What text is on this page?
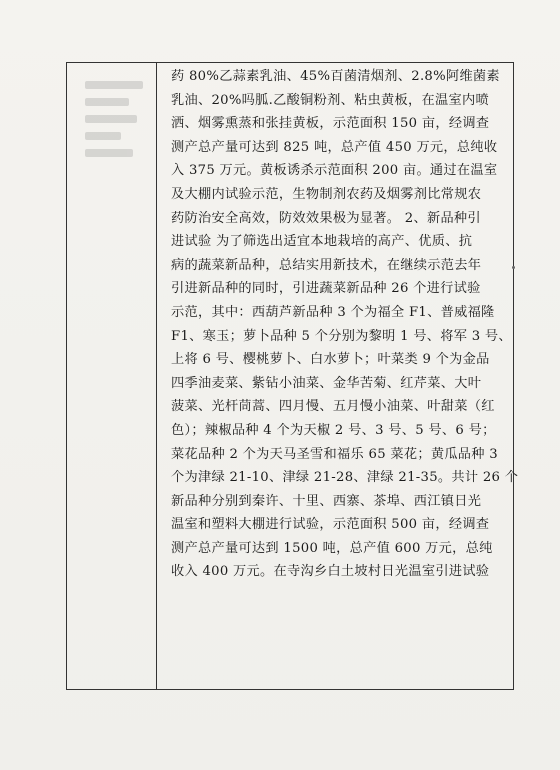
药 80%乙蒜素乳油、45%百菌清烟剂、2.8%阿维菌素
乳油、20%吗胍.乙酸铜粉剂、粘虫黄板，在温室内喷
洒、烟雾熏蒸和张挂黄板，示范面积 150 亩，经调查
测产总产量可达到 825 吨，总产值 450 万元，总纯收
入 375 万元。黄板诱杀示范面积 200 亩。通过在温室
及大棚内试验示范，生物制剂农药及烟雾剂比常规农
药防治安全高效，防效效果极为显著。 2、新品种引
进试验 为了筛选出适宜本地栽培的高产、优质、抗
病的蔬菜新品种，总结实用新技术，在继续示范去年
引进新品种的同时，引进蔬菜新品种 26 个进行试验
示范，其中：西葫芦新品种 3 个为福全 F1、普威福隆
F1、寒玉；萝卜品种 5 个分别为黎明 1 号、将军 3 号、
上将 6 号、樱桃萝卜、白水萝卜；叶菜类 9 个为金品
四季油麦菜、紫钻小油菜、金华苦菊、红芹菜、大叶
菠菜、光杆茼蒿、四月慢、五月慢小油菜、叶甜菜（红
色）；辣椒品种 4 个为天椒 2 号、3 号、5 号、6 号；
菜花品种 2 个为天马圣雪和福乐 65 菜花；黄瓜品种 3
个为津绿 21-10、津绿 21-28、津绿 21-35。共计 26 个
新品种分别到秦许、十里、西寨、茶埠、西江镇日光
温室和塑料大棚进行试验，示范面积 500 亩，经调查
测产总产量可达到 1500 吨，总产值 600 万元，总纯
收入 400 万元。在寺沟乡白土坡村日光温室引进试验
